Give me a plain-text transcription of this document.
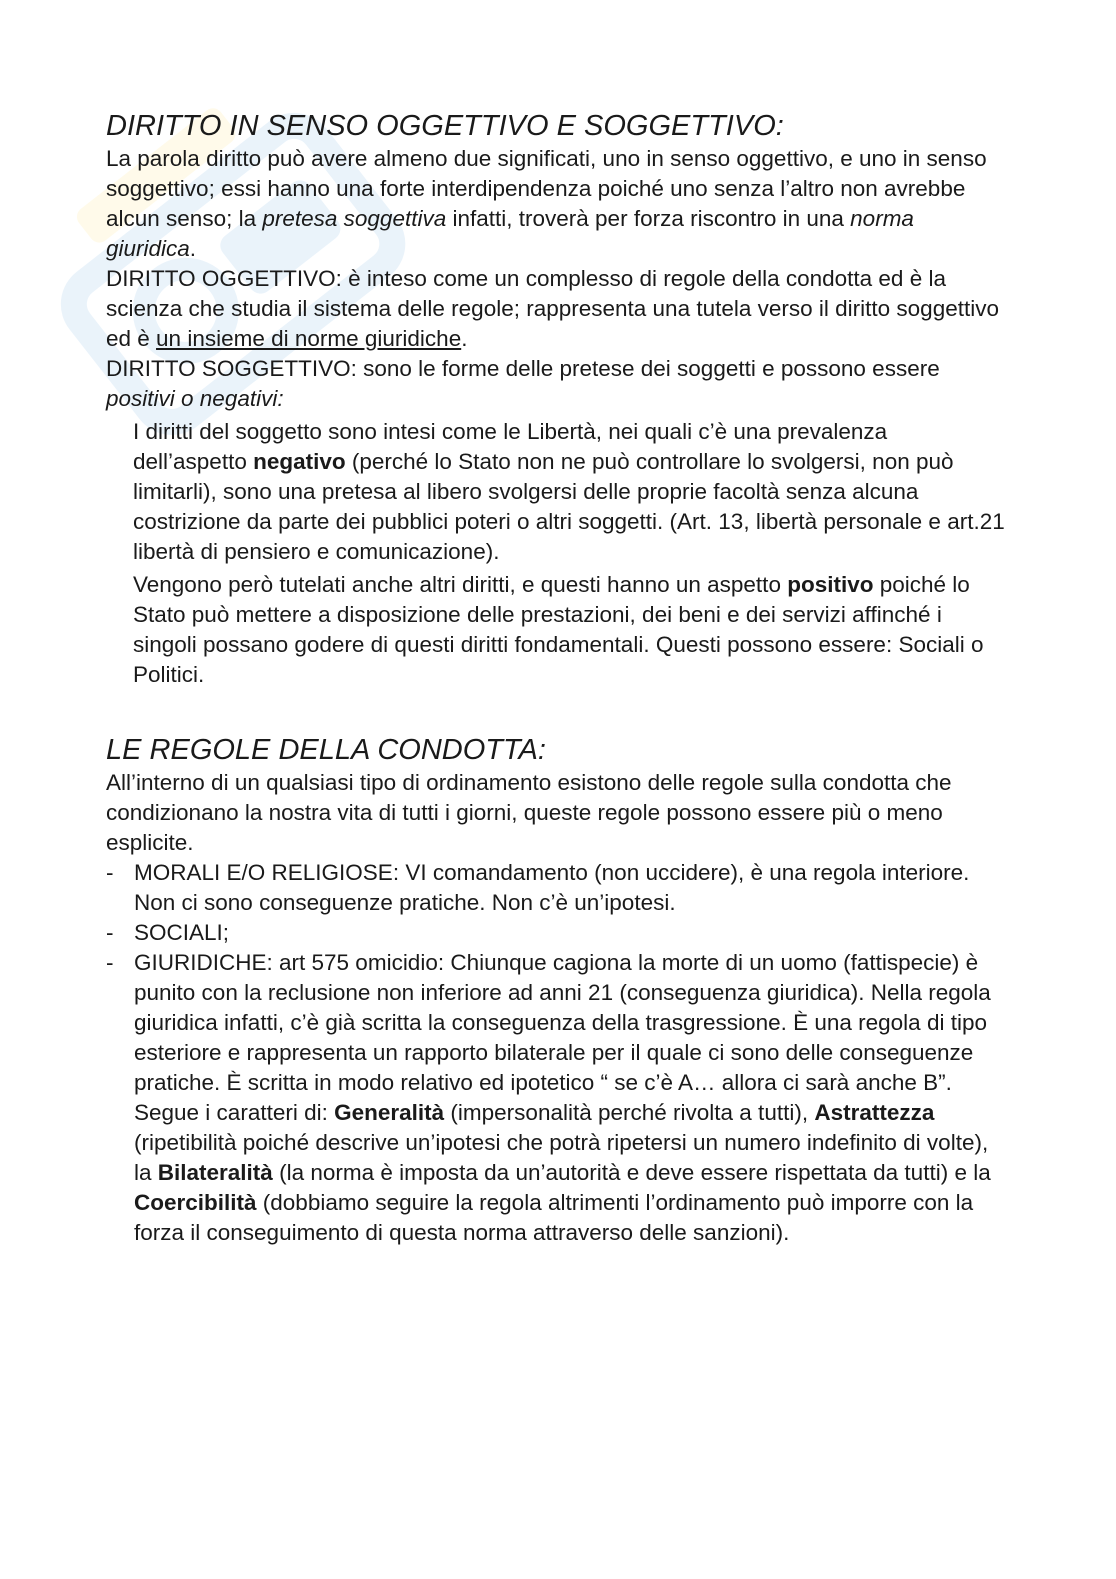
DIRITTO IN SENSO OGGETTIVO E SOGGETTIVO:

La parola diritto può avere almeno due significati, uno in senso oggettivo, e uno in senso soggettivo; essi hanno una forte interdipendenza poiché uno senza l’altro non avrebbe alcun senso; la pretesa soggettiva infatti, troverà per forza riscontro in una norma giuridica.

DIRITTO OGGETTIVO: è inteso come un complesso di regole della condotta ed è la scienza che studia il sistema delle regole; rappresenta una tutela verso il diritto soggettivo ed è un insieme di norme giuridiche.

DIRITTO SOGGETTIVO: sono le forme delle pretese dei soggetti e possono essere positivi o negativi:

I diritti del soggetto sono intesi come le Libertà, nei quali c’è una prevalenza dell’aspetto negativo (perché lo Stato non ne può controllare lo svolgersi, non può limitarli), sono una pretesa al libero svolgersi delle proprie facoltà senza alcuna costrizione da parte dei pubblici poteri o altri soggetti. (Art. 13, libertà personale e art.21 libertà di pensiero e comunicazione).

Vengono però tutelati anche altri diritti, e questi hanno un aspetto positivo poiché lo Stato può mettere a disposizione delle prestazioni, dei beni e dei servizi affinché i singoli possano godere di questi diritti fondamentali. Questi possono essere: Sociali o Politici.

LE REGOLE DELLA CONDOTTA:

All’interno di un qualsiasi tipo di ordinamento esistono delle regole sulla condotta che condizionano la nostra vita di tutti i giorni, queste regole possono essere più o meno esplicite.

- MORALI E/O RELIGIOSE: VI comandamento (non uccidere), è una regola interiore. Non ci sono conseguenze pratiche. Non c’è un’ipotesi.
- SOCIALI;
- GIURIDICHE: art 575 omicidio: Chiunque cagiona la morte di un uomo (fattispecie) è punito con la reclusione non inferiore ad anni 21 (conseguenza giuridica). Nella regola giuridica infatti, c’è già scritta la conseguenza della trasgressione. È una regola di tipo esteriore e rappresenta un rapporto bilaterale per il quale ci sono delle conseguenze pratiche. È scritta in modo relativo ed ipotetico “ se c’è A… allora ci sarà anche B”. Segue i caratteri di: Generalità (impersonalità perché rivolta a tutti), Astrattezza (ripetibilità poiché descrive un’ipotesi che potrà ripetersi un numero indefinito di volte), la Bilateralità (la norma è imposta da un’autorità e deve essere rispettata da tutti) e la Coercibilità (dobbiamo seguire la regola altrimenti l’ordinamento può imporre con la forza il conseguimento di questa norma attraverso delle sanzioni).
